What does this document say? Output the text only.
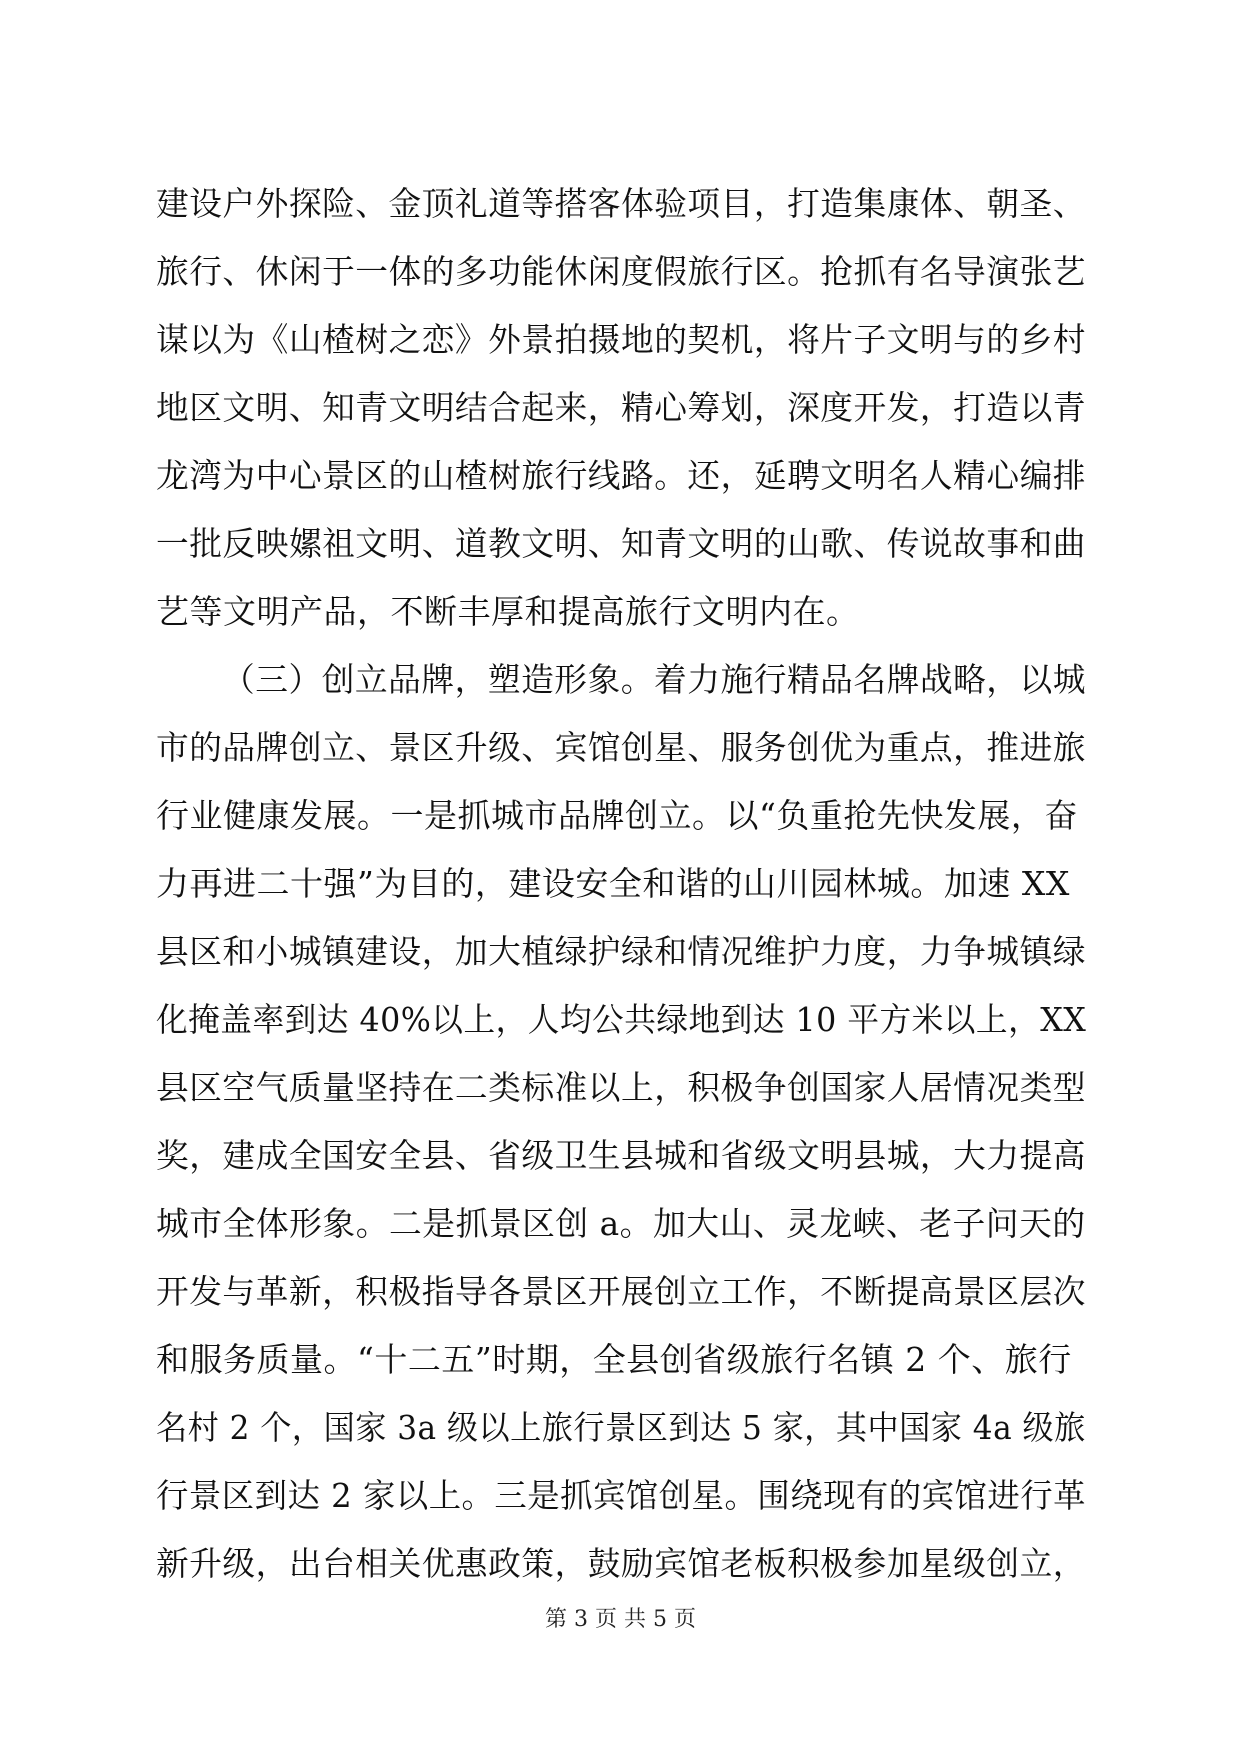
建设户外探险、金顶礼道等搭客体验项目，打造集康体、朝圣、
旅行、休闲于一体的多功能休闲度假旅行区。抢抓有名导演张艺
谋以为《山楂树之恋》外景拍摄地的契机，将片子文明与的乡村
地区文明、知青文明结合起来，精心筹划，深度开发，打造以青
龙湾为中心景区的山楂树旅行线路。还，延聘文明名人精心编排
一批反映嫘祖文明、道教文明、知青文明的山歌、传说故事和曲
艺等文明产品，不断丰厚和提高旅行文明内在。
（三）创立品牌，塑造形象。着力施行精品名牌战略，以城
市的品牌创立、景区升级、宾馆创星、服务创优为重点，推进旅
行业健康发展。一是抓城市品牌创立。以“负重抢先快发展，奋
力再进二十强”为目的，建设安全和谐的山川园林城。加速 XX
县区和小城镇建设，加大植绿护绿和情况维护力度，力争城镇绿
化掩盖率到达 40%以上，人均公共绿地到达 10 平方米以上，XX
县区空气质量坚持在二类标准以上，积极争创国家人居情况类型
奖，建成全国安全县、省级卫生县城和省级文明县城，大力提高
城市全体形象。二是抓景区创 a。加大山、灵龙峡、老子问天的
开发与革新，积极指导各景区开展创立工作，不断提高景区层次
和服务质量。“十二五”时期，全县创省级旅行名镇 2 个、旅行
名村 2 个，国家 3a 级以上旅行景区到达 5 家，其中国家 4a 级旅
行景区到达 2 家以上。三是抓宾馆创星。围绕现有的宾馆进行革
新升级，出台相关优惠政策，鼓励宾馆老板积极参加星级创立，
第 3 页 共 5 页
